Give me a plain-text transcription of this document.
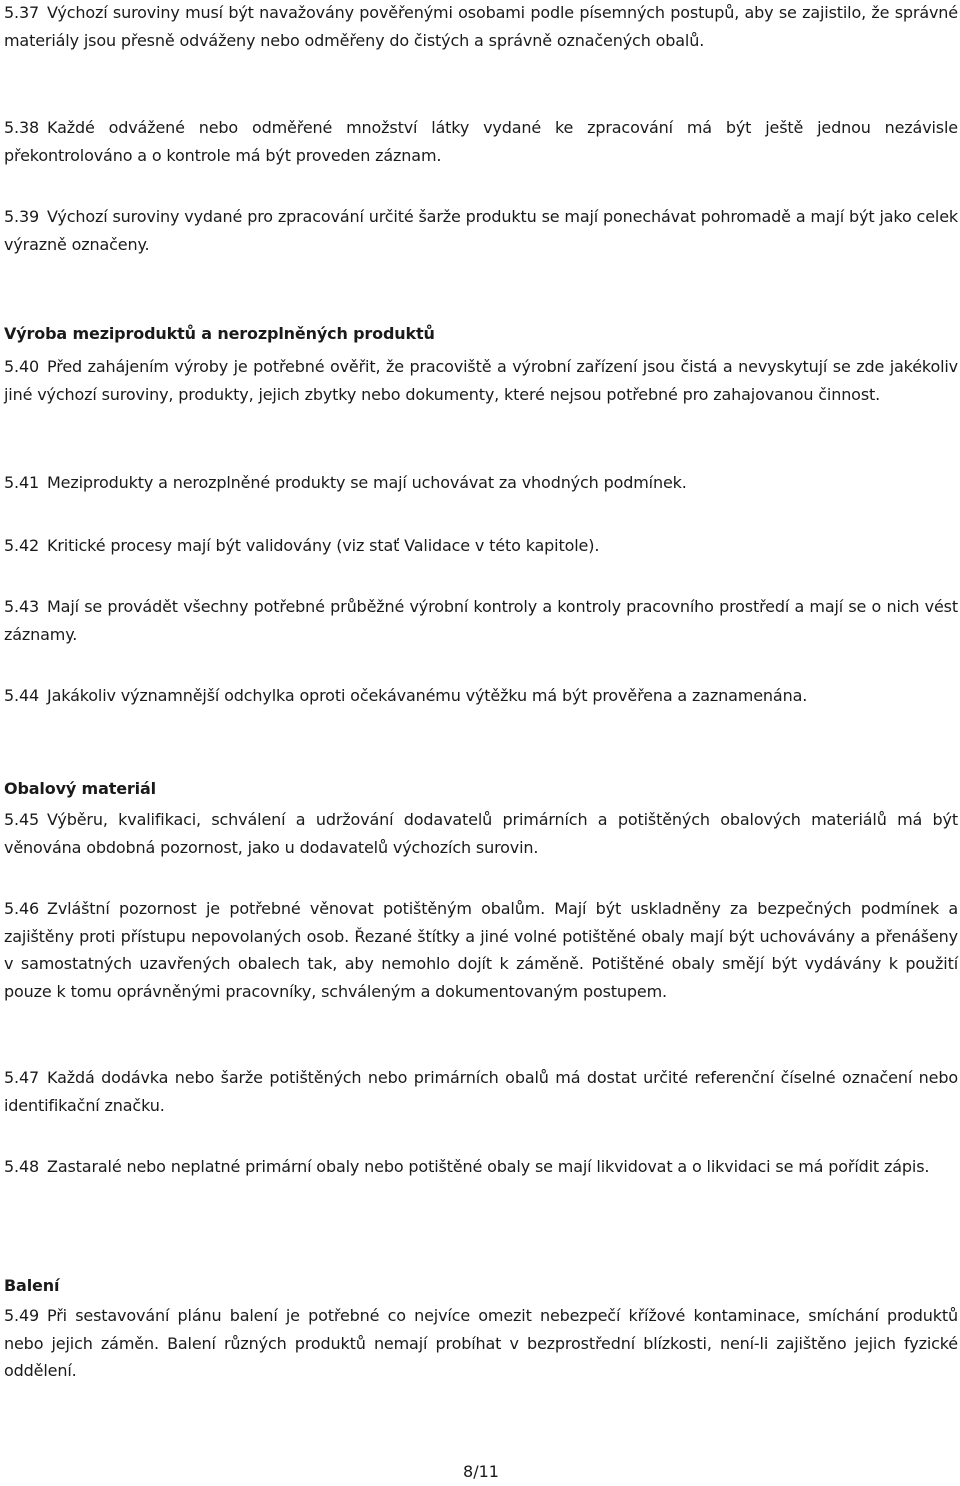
5.37 Výchozí suroviny musí být navažovány pověřenými osobami podle písemných postupů, aby se zajistilo, že správné materiály jsou přesně odváženy nebo odměřeny do čistých a správně označených obalů.

5.38 Každé odvážené nebo odměřené množství látky vydané ke zpracování má být ještě jednou nezávisle překontrolováno a o kontrole má být proveden záznam.

5.39 Výchozí suroviny vydané pro zpracování určité šarže produktu se mají ponechávat pohromadě a mají být jako celek výrazně označeny.

Výroba meziproduktů a nerozplněných produktů

5.40 Před zahájením výroby je potřebné ověřit, že pracoviště a výrobní zařízení jsou čistá a nevyskytují se zde jakékoliv jiné výchozí suroviny, produkty, jejich zbytky nebo dokumenty, které nejsou potřebné pro zahajovanou činnost.

5.41 Meziprodukty a nerozplněné produkty se mají uchovávat za vhodných podmínek.

5.42 Kritické procesy mají být validovány (viz stať Validace v této kapitole).

5.43 Mají se provádět všechny potřebné průběžné výrobní kontroly a kontroly pracovního prostředí a mají se o nich vést záznamy.

5.44 Jakákoliv významnější odchylka oproti očekávanému výtěžku má být prověřena a zaznamenána.

Obalový materiál

5.45 Výběru, kvalifikaci, schválení a udržování dodavatelů primárních a potištěných obalových materiálů má být věnována obdobná pozornost, jako u dodavatelů výchozích surovin.

5.46 Zvláštní pozornost je potřebné věnovat potištěným obalům. Mají být uskladněny za bezpečných podmínek a zajištěny proti přístupu nepovolaných osob. Řezané štítky a jiné volné potištěné obaly mají být uchovávány a přenášeny v samostatných uzavřených obalech tak, aby nemohlo dojít k záměně. Potištěné obaly smějí být vydávány k použití pouze k tomu oprávněnými pracovníky, schváleným a dokumentovaným postupem.

5.47 Každá dodávka nebo šarže potištěných nebo primárních obalů má dostat určité referenční číselné označení nebo identifikační značku.

5.48 Zastaralé nebo neplatné primární obaly nebo potištěné obaly se mají likvidovat a o likvidaci se má pořídit zápis.

Balení

5.49 Při sestavování plánu balení je potřebné co nejvíce omezit nebezpečí křížové kontaminace, smíchání produktů nebo jejich záměn. Balení různých produktů nemají probíhat v bezprostřední blízkosti, není-li zajištěno jejich fyzické oddělení.

8/11
